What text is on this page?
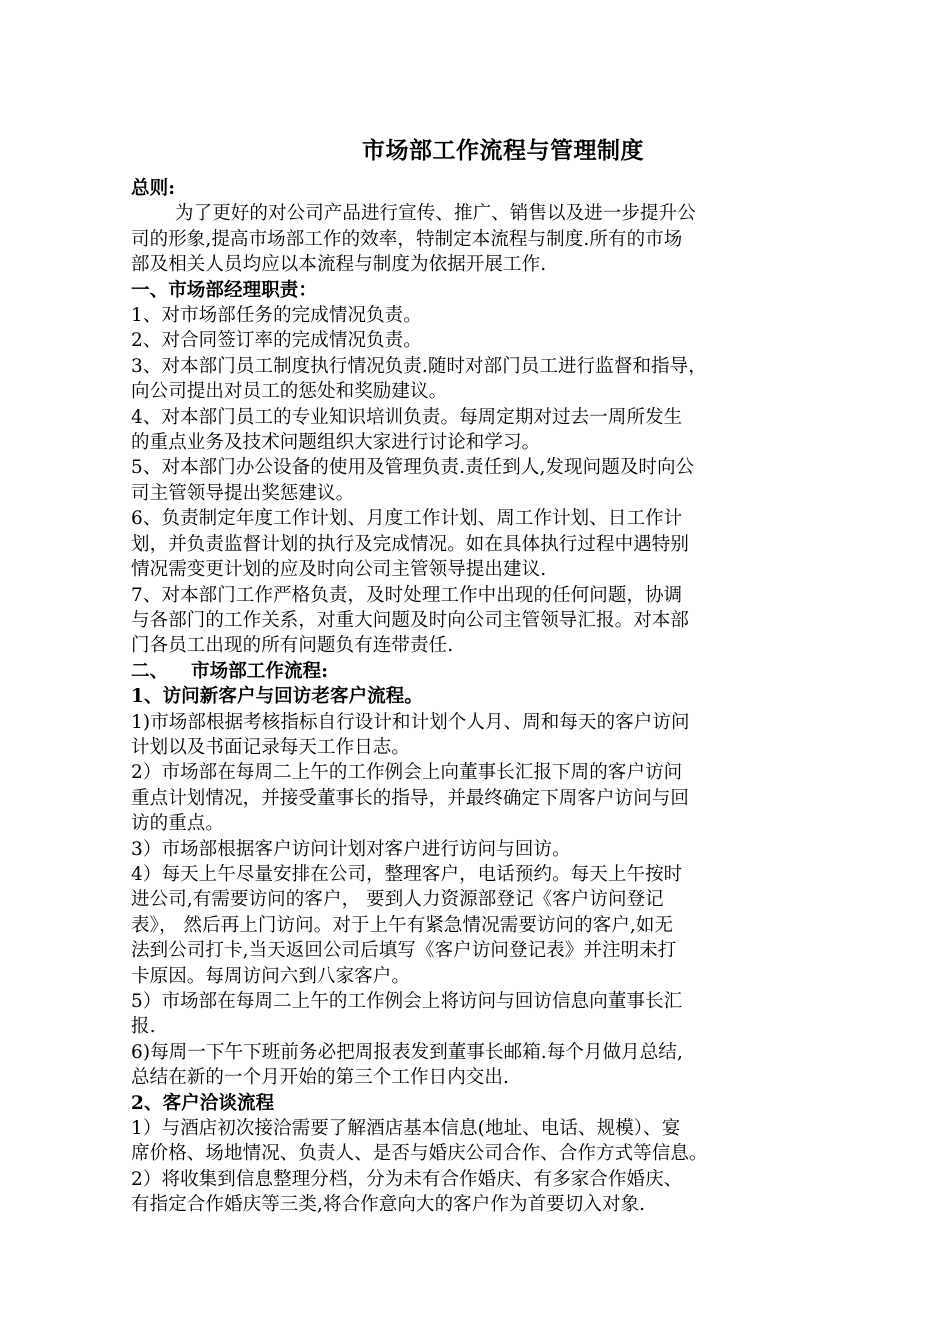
市场部工作流程与管理制度
总则:
为了更好的对公司产品进行宣传、推广、销售以及进一步提升公
司的形象,提高市场部工作的效率，特制定本流程与制度.所有的市场
部及相关人员均应以本流程与制度为依据开展工作.
一、市场部经理职责：
1、对市场部任务的完成情况负责。
2、对合同签订率的完成情况负责。
3、对本部门员工制度执行情况负责.随时对部门员工进行监督和指导，
向公司提出对员工的惩处和奖励建议。
4、对本部门员工的专业知识培训负责。每周定期对过去一周所发生
的重点业务及技术问题组织大家进行讨论和学习。
5、对本部门办公设备的使用及管理负责.责任到人,发现问题及时向公
司主管领导提出奖惩建议。
6、负责制定年度工作计划、月度工作计划、周工作计划、日工作计
划，并负责监督计划的执行及完成情况。如在具体执行过程中遇特别
情况需变更计划的应及时向公司主管领导提出建议.
7、对本部门工作严格负责，及时处理工作中出现的任何问题，协调
与各部门的工作关系，对重大问题及时向公司主管领导汇报。对本部
门各员工出现的所有问题负有连带责任.
二、 市场部工作流程:
1、访问新客户与回访老客户流程。
1)市场部根据考核指标自行设计和计划个人月、周和每天的客户访问
计划以及书面记录每天工作日志。
2）市场部在每周二上午的工作例会上向董事长汇报下周的客户访问
重点计划情况，并接受董事长的指导，并最终确定下周客户访问与回
访的重点。
3）市场部根据客户访问计划对客户进行访问与回访。
4）每天上午尽量安排在公司，整理客户，电话预约。每天上午按时
进公司,有需要访问的客户， 要到人力资源部登记《客户访问登记
表》， 然后再上门访问。对于上午有紧急情况需要访问的客户,如无
法到公司打卡,当天返回公司后填写《客户访问登记表》并注明未打
卡原因。每周访问六到八家客户。
5）市场部在每周二上午的工作例会上将访问与回访信息向董事长汇
报.
6)每周一下午下班前务必把周报表发到董事长邮箱.每个月做月总结,
总结在新的一个月开始的第三个工作日内交出.
2、客户洽谈流程
1）与酒店初次接洽需要了解酒店基本信息(地址、电话、规模）、宴
席价格、场地情况、负责人、是否与婚庆公司合作、合作方式等信息。
2）将收集到信息整理分档，分为未有合作婚庆、有多家合作婚庆、
有指定合作婚庆等三类,将合作意向大的客户作为首要切入对象.
